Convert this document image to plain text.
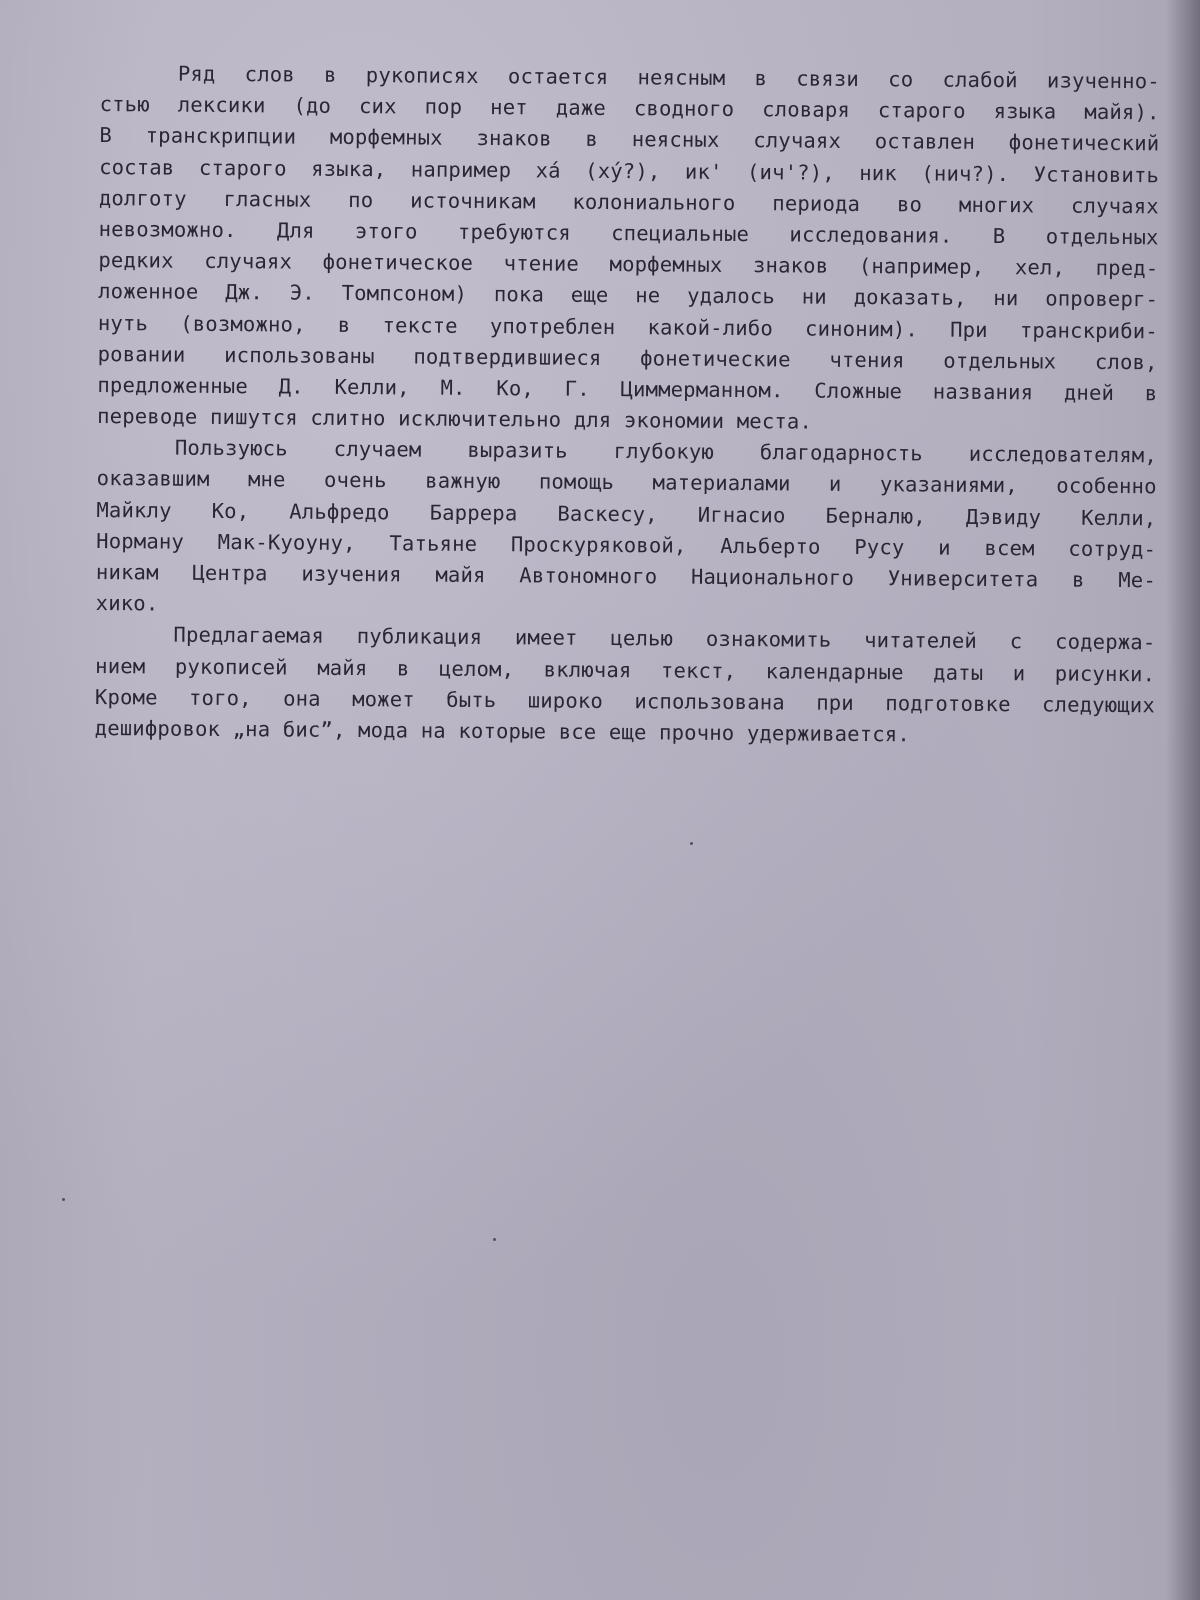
Ряд слов в рукописях остается неясным в связи со слабой изученно-
стью лексики (до сих пор нет даже сводного словаря старого языка майя).
В транскрипции морфемных знаков в неясных случаях оставлен фонетический
состав старого языка, например ха́ (ху́?), ик' (ич'?), ник (нич?). Установить
долготу гласных по источникам колониального периода во многих случаях
невозможно. Для этого требуются специальные исследования. В отдельных
редких случаях фонетическое чтение морфемных знаков (например, хел, пред-
ложенное Дж. Э. Томпсоном) пока еще не удалось ни доказать, ни опроверг-
нуть (возможно, в тексте употреблен какой-либо синоним). При транскриби-
ровании использованы подтвердившиеся фонетические чтения отдельных слов,
предложенные Д. Келли, М. Ко, Г. Циммерманном. Сложные названия дней в
переводе пишутся слитно исключительно для экономии места.
Пользуюсь случаем выразить глубокую благодарность исследователям,
оказавшим мне очень важную помощь материалами и указаниями, особенно
Майклу Ко, Альфредо Баррера Васкесу, Игнасио Берналю, Дэвиду Келли,
Норману Мак-Куоуну, Татьяне Проскуряковой, Альберто Русу и всем сотруд-
никам Центра изучения майя Автономного Национального Университета в Ме-
хико.
Предлагаемая публикация имеет целью ознакомить читателей с содержа-
нием рукописей майя в целом, включая текст, календарные даты и рисунки.
Кроме того, она может быть широко использована при подготовке следующих
дешифровок „на бис”, мода на которые все еще прочно удерживается.
